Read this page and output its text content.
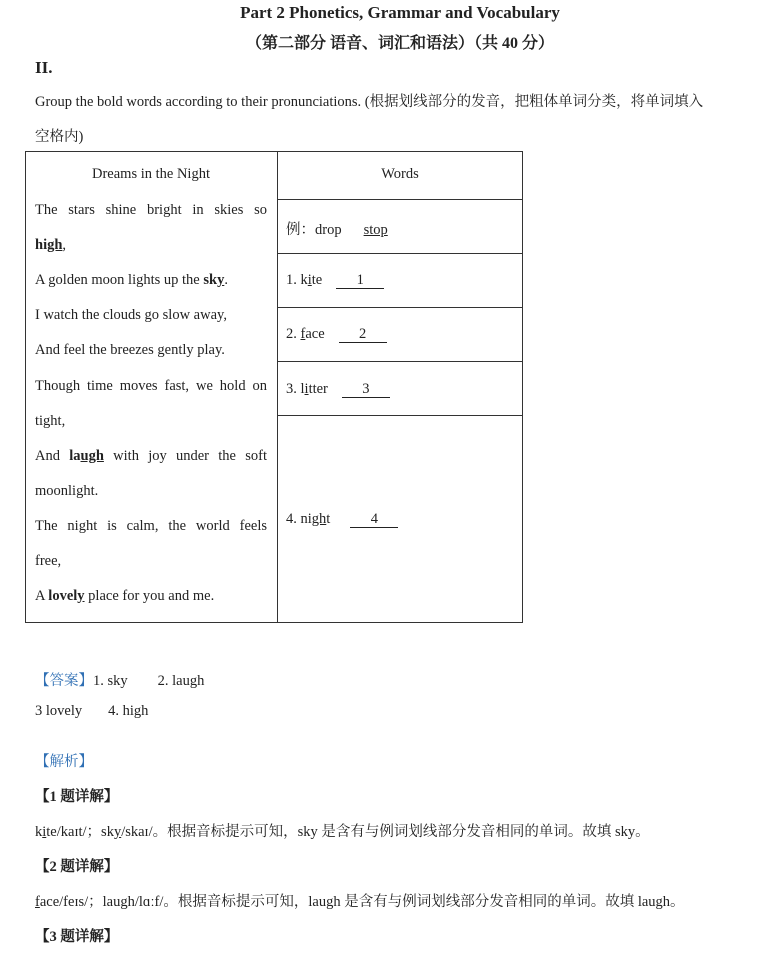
Part 2 Phonetics, Grammar and Vocabulary
（第二部分 语音、词汇和语法）（共 40 分）
II.
Group the bold words according to their pronunciations. (根据划线部分的发音，把粗体单词分类，将单词填入
空格内)
Dreams in the Night	Words
The stars shine bright in skies so
high,
A golden moon lights up the sky.
I watch the clouds go slow away,
And feel the breezes gently play.
Though time moves fast, we hold on
tight,
And laugh with joy under the soft
moonlight.
The night is calm, the world feels
free,
A lovely place for you and me.
例：drop stop
1. kite 1
2. face 2
3. litter 3
4. night	4
【答案】1. sky 2. laugh
3 lovely 4. high
【解析】
【1 题详解】
kite/kaɪt/；sky/skaɪ/。根据音标提示可知，sky 是含有与例词划线部分发音相同的单词。故填 sky。
【2 题详解】
face/feɪs/；laugh/lɑːf/。根据音标提示可知，laugh 是含有与例词划线部分发音相同的单词。故填 laugh。
【3 题详解】
